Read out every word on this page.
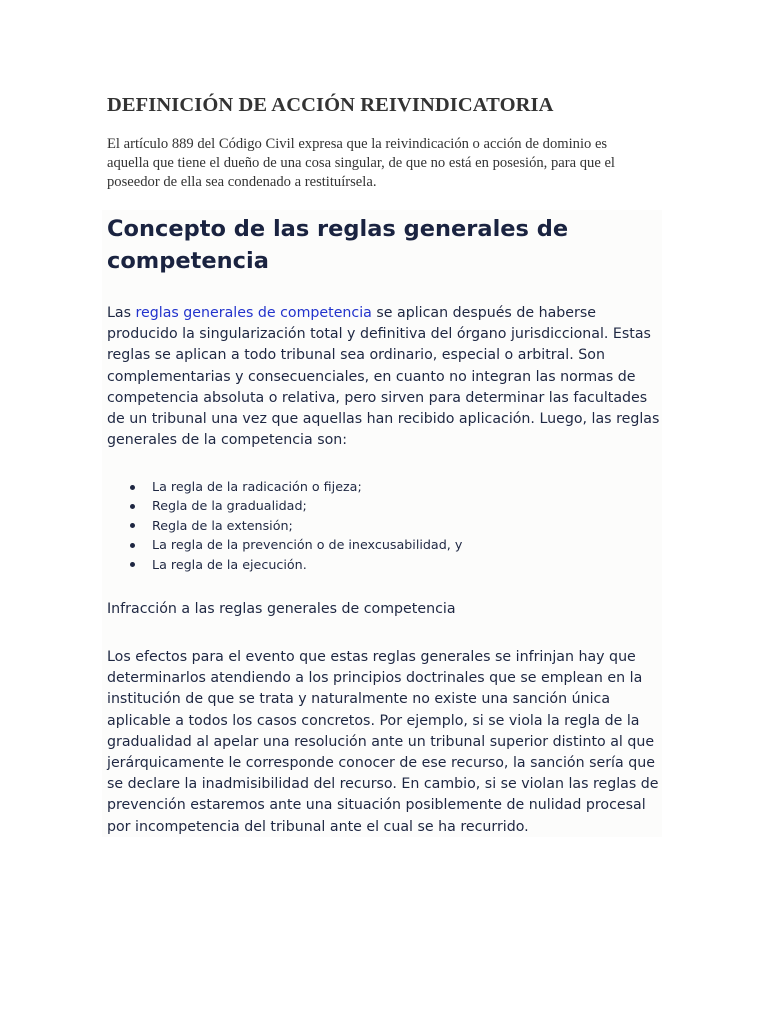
DEFINICIÓN DE ACCIÓN REIVINDICATORIA

El artículo 889 del Código Civil expresa que la reivindicación o acción de dominio es
aquella que tiene el dueño de una cosa singular, de que no está en posesión, para que el
poseedor de ella sea condenado a restituírsela.

Concepto de las reglas generales de
competencia

Las reglas generales de competencia se aplican después de haberse
producido la singularización total y definitiva del órgano jurisdiccional. Estas
reglas se aplican a todo tribunal sea ordinario, especial o arbitral. Son
complementarias y consecuenciales, en cuanto no integran las normas de
competencia absoluta o relativa, pero sirven para determinar las facultades
de un tribunal una vez que aquellas han recibido aplicación. Luego, las reglas
generales de la competencia son:

La regla de la radicación o fijeza;
Regla de la gradualidad;
Regla de la extensión;
La regla de la prevención o de inexcusabilidad, y
La regla de la ejecución.

Infracción a las reglas generales de competencia

Los efectos para el evento que estas reglas generales se infrinjan hay que
determinarlos atendiendo a los principios doctrinales que se emplean en la
institución de que se trata y naturalmente no existe una sanción única
aplicable a todos los casos concretos. Por ejemplo, si se viola la regla de la
gradualidad al apelar una resolución ante un tribunal superior distinto al que
jerárquicamente le corresponde conocer de ese recurso, la sanción sería que
se declare la inadmisibilidad del recurso. En cambio, si se violan las reglas de
prevención estaremos ante una situación posiblemente de nulidad procesal
por incompetencia del tribunal ante el cual se ha recurrido.
